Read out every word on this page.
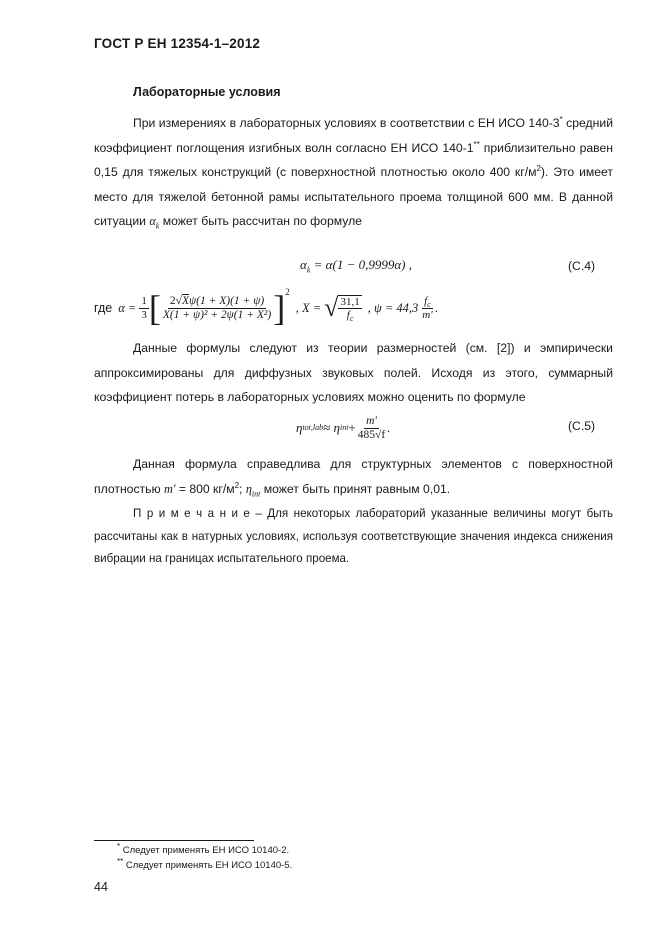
ГОСТ Р ЕН 12354-1–2012
Лабораторные условия

При измерениях в лабораторных условиях в соответствии с ЕН ИСО 140-3* средний коэффициент поглощения изгибных волн согласно ЕН ИСО 140-1** приблизительно равен 0,15 для тяжелых конструкций (с поверхностной плотностью около 400 $кг/м^2$). Это имеет место для тяжелой бетонной рамы испытательного проема толщиной 600 мм. В данной ситуации $\alpha_k$ может быть рассчитан по формуле

$\alpha_k = \alpha(1 - 0,9999\alpha)$ ,	(C.4)
где $\alpha = \frac{1}{3}$ [ $\frac{2√X\psi(1 + X)(1 + \psi)}{\text{X(1 + ψ)² + 2ψ(1 + X²)}} ]^2$
, X = √ $\frac{31,1}{f_c}$ , $\psi = 44,3 \frac{f_c}{m'}$ .

Данные формулы следуют из теории размерностей (см. [2]) и эмпирически аппроксимированы для диффузных звуковых полей. Исходя из этого, суммарный коэффициент потерь в лабораторных условиях можно оценить по формуле

η tot,lab ≈ η int + $\frac{m'}{485√f}$ .	(C.5)

Данная формула справедлива для структурных элементов с поверхностной плотностью m' = 800 $кг/м^2$; $\eta_{int}$ может быть принят равным 0,01.

П р и м е ч а н и е – Для некоторых лабораторий указанные величины могут быть рассчитаны как в натурных условиях, используя соответствующие значения индекса снижения вибрации на границах испытательного проема.

* Следует применять ЕН ИСО 10140-2.
** Следует применять ЕН ИСО 10140-5.
44
